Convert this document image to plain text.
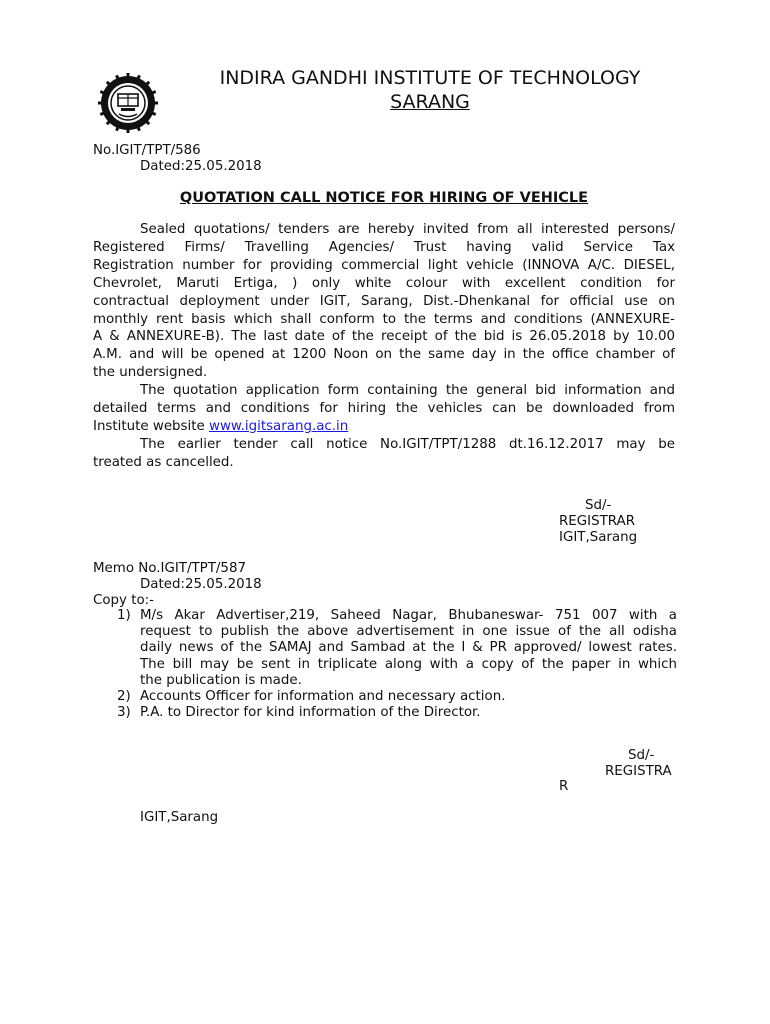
INDIRA GANDHI INSTITUTE OF TECHNOLOGY
SARANG
No.IGIT/TPT/586
Dated:25.05.2018
QUOTATION CALL NOTICE FOR HIRING OF VEHICLE
Sealed quotations/ tenders are hereby invited from all interested persons/
Registered Firms/ Travelling Agencies/ Trust having valid Service Tax
Registration number for providing commercial light vehicle (INNOVA A/C. DIESEL,
Chevrolet, Maruti Ertiga, ) only white colour with excellent condition for
contractual deployment under IGIT, Sarang, Dist.-Dhenkanal for official use on
monthly rent basis which shall conform to the terms and conditions (ANNEXURE-
A & ANNEXURE-B). The last date of the receipt of the bid is 26.05.2018 by 10.00
A.M. and will be opened at 1200 Noon on the same day in the office chamber of
the undersigned.
The quotation application form containing the general bid information and
detailed terms and conditions for hiring the vehicles can be downloaded from
Institute website www.igitsarang.ac.in
The earlier tender call notice No.IGIT/TPT/1288 dt.16.12.2017 may be
treated as cancelled.
Sd/-
REGISTRAR
IGIT,Sarang
Memo No.IGIT/TPT/587
Dated:25.05.2018
Copy to:-
1) M/s Akar Advertiser,219, Saheed Nagar, Bhubaneswar- 751 007 with a
request to publish the above advertisement in one issue of the all odisha
daily news of the SAMAJ and Sambad at the I & PR approved/ lowest rates.
The bill may be sent in triplicate along with a copy of the paper in which
the publication is made.
2) Accounts Officer for information and necessary action.
3) P.A. to Director for kind information of the Director.
Sd/-
REGISTRA
R
IGIT,Sarang
